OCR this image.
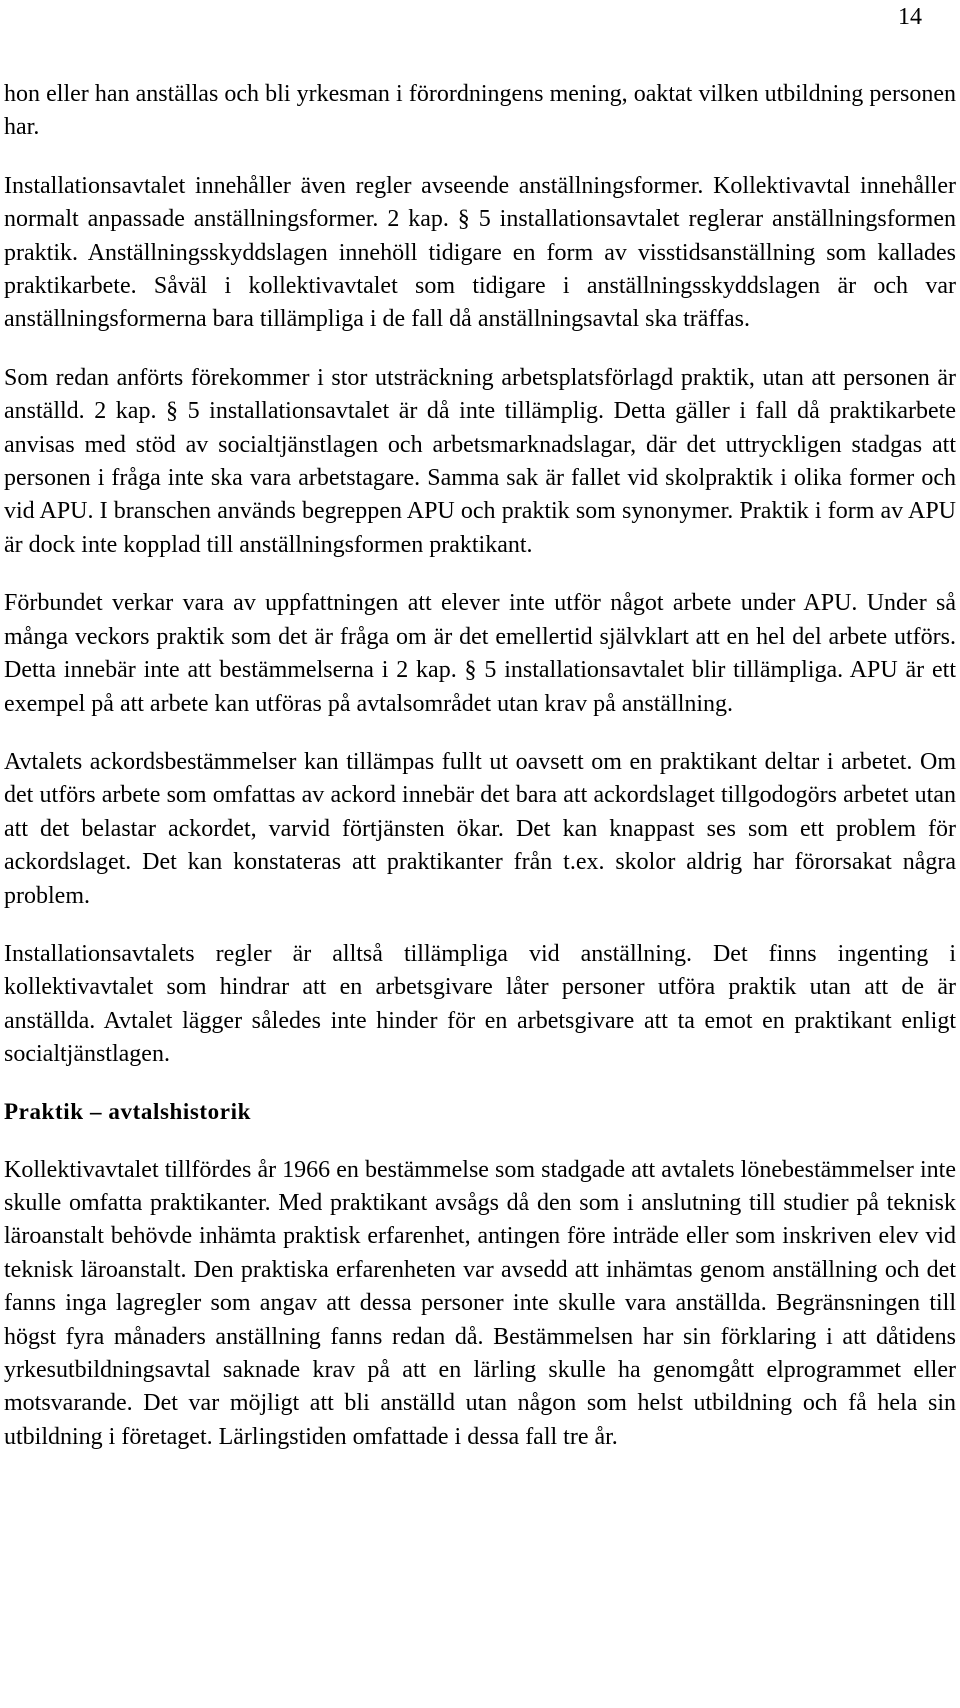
14

hon eller han anställas och bli yrkesman i förordningens mening, oaktat vilken utbildning personen har.

Installationsavtalet innehåller även regler avseende anställningsformer. Kollektivavtal innehåller normalt anpassade anställningsformer. 2 kap. § 5 installationsavtalet reglerar anställningsformen praktik. Anställningsskyddslagen innehöll tidigare en form av visstidsanställning som kallades praktikarbete. Såväl i kollektivavtalet som tidigare i anställningsskyddslagen är och var anställningsformerna bara tillämpliga i de fall då anställningsavtal ska träffas.

Som redan anförts förekommer i stor utsträckning arbetsplatsförlagd praktik, utan att personen är anställd. 2 kap. § 5 installationsavtalet är då inte tillämplig. Detta gäller i fall då praktikarbete anvisas med stöd av socialtjänstlagen och arbetsmarknadslagar, där det uttryckligen stadgas att personen i fråga inte ska vara arbetstagare. Samma sak är fallet vid skolpraktik i olika former och vid APU. I branschen används begreppen APU och praktik som synonymer. Praktik i form av APU är dock inte kopplad till anställningsformen praktikant.

Förbundet verkar vara av uppfattningen att elever inte utför något arbete under APU. Under så många veckors praktik som det är fråga om är det emellertid självklart att en hel del arbete utförs. Detta innebär inte att bestämmelserna i 2 kap. § 5 installationsavtalet blir tillämpliga. APU är ett exempel på att arbete kan utföras på avtalsområdet utan krav på anställning.

Avtalets ackordsbestämmelser kan tillämpas fullt ut oavsett om en praktikant deltar i arbetet. Om det utförs arbete som omfattas av ackord innebär det bara att ackordslaget tillgodogörs arbetet utan att det belastar ackordet, varvid förtjänsten ökar. Det kan knappast ses som ett problem för ackordslaget. Det kan konstateras att praktikanter från t.ex. skolor aldrig har förorsakat några problem.

Installationsavtalets regler är alltså tillämpliga vid anställning. Det finns ingenting i kollektivavtalet som hindrar att en arbetsgivare låter personer utföra praktik utan att de är anställda. Avtalet lägger således inte hinder för en arbetsgivare att ta emot en praktikant enligt socialtjänstlagen.

Praktik – avtalshistorik

Kollektivavtalet tillfördes år 1966 en bestämmelse som stadgade att avtalets lönebestämmelser inte skulle omfatta praktikanter. Med praktikant avsågs då den som i anslutning till studier på teknisk läroanstalt behövde inhämta praktisk erfarenhet, antingen före inträde eller som inskriven elev vid teknisk läroanstalt. Den praktiska erfarenheten var avsedd att inhämtas genom anställning och det fanns inga lagregler som angav att dessa personer inte skulle vara anställda. Begränsningen till högst fyra månaders anställning fanns redan då. Bestämmelsen har sin förklaring i att dåtidens yrkesutbildningsavtal saknade krav på att en lärling skulle ha genomgått elprogrammet eller motsvarande. Det var möjligt att bli anställd utan någon som helst utbildning och få hela sin utbildning i företaget. Lärlingstiden omfattade i dessa fall tre år.
